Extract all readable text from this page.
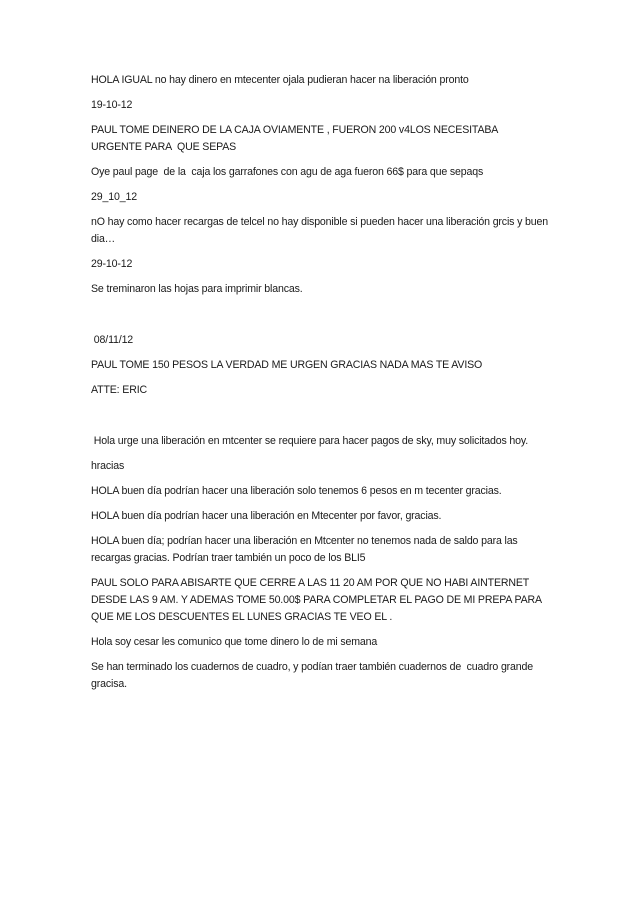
HOLA IGUAL no hay dinero en mtecenter ojala pudieran hacer na liberación pronto

19-10-12

PAUL TOME DEINERO DE LA CAJA OVIAMENTE , FUERON 200 v4LOS NECESITABA    URGENTE PARA  QUE SEPAS

Oye paul page  de la  caja los garrafones con agu de aga fueron 66$ para que sepaqs

29_10_12

nO hay como hacer recargas de telcel no hay disponible si pueden hacer una liberación grcis y buen dia…

29-10-12

Se treminaron las hojas para imprimir blancas.

08/11/12

PAUL TOME 150 PESOS LA VERDAD ME URGEN GRACIAS NADA MAS TE AVISO

ATTE: ERIC

Hola urge una liberación en mtcenter se requiere para hacer pagos de sky, muy solicitados hoy.

hracias

HOLA buen día podrían hacer una liberación solo tenemos 6 pesos en m tecenter gracias.

HOLA buen día podrían hacer una liberación en Mtecenter por favor, gracias.

HOLA buen día; podrían hacer una liberación en Mtcenter no tenemos nada de saldo para las recargas gracias. Podrían traer también un poco de los BLI5

PAUL SOLO PARA ABISARTE QUE CERRE A LAS 11 20 AM POR QUE NO HABI AINTERNET DESDE LAS 9 AM. Y ADEMAS TOME 50.00$ PARA COMPLETAR EL PAGO DE MI PREPA PARA QUE ME LOS DESCUENTES EL LUNES GRACIAS TE VEO EL .

Hola soy cesar les comunico que tome dinero lo de mi semana

Se han terminado los cuadernos de cuadro, y podían traer también cuadernos de  cuadro grande gracisa.
